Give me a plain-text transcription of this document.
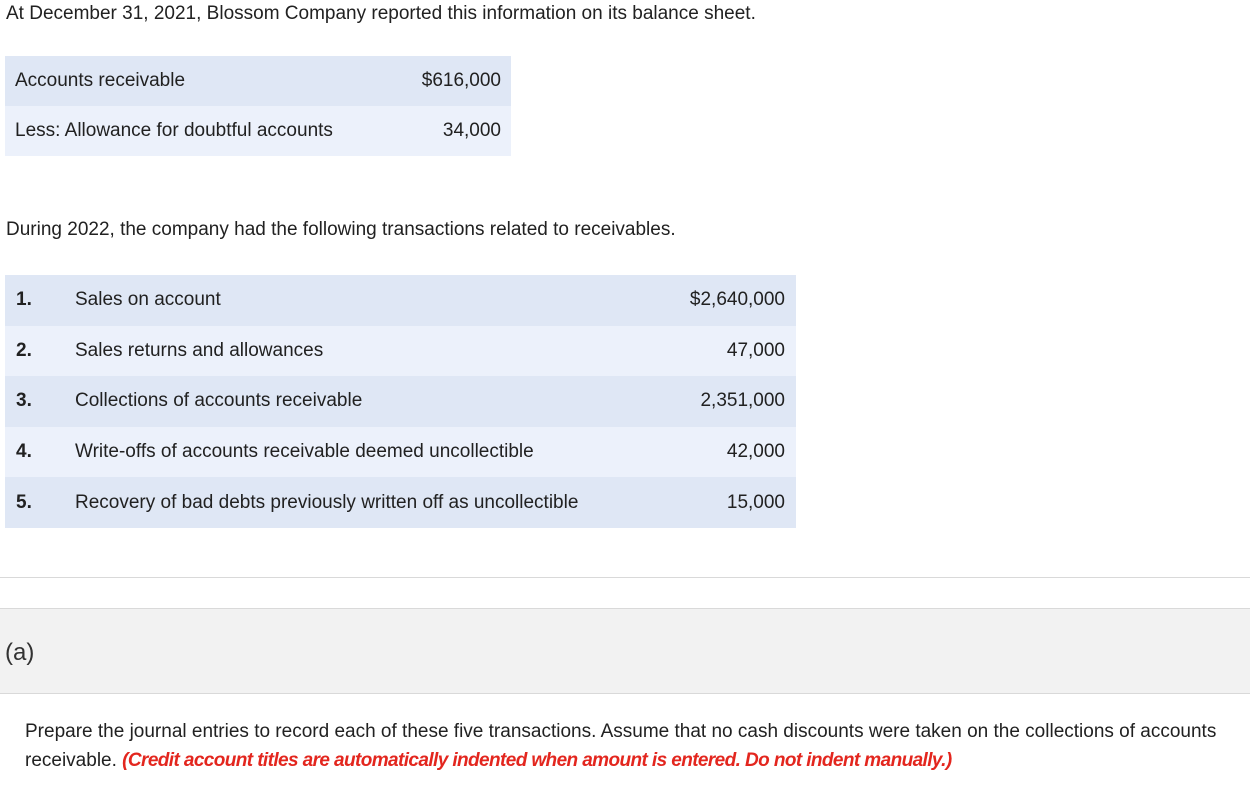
At December 31, 2021, Blossom Company reported this information on its balance sheet.
Accounts receivable	$616,000
Less: Allowance for doubtful accounts	34,000
During 2022, the company had the following transactions related to receivables.
1.	Sales on account	$2,640,000
2.	Sales returns and allowances	47,000
3.	Collections of accounts receivable	2,351,000
4.	Write-offs of accounts receivable deemed uncollectible	42,000
5.	Recovery of bad debts previously written off as uncollectible	15,000
(a)
Prepare the journal entries to record each of these five transactions. Assume that no cash discounts were taken on the collections of accounts receivable. (Credit account titles are automatically indented when amount is entered. Do not indent manually.)
